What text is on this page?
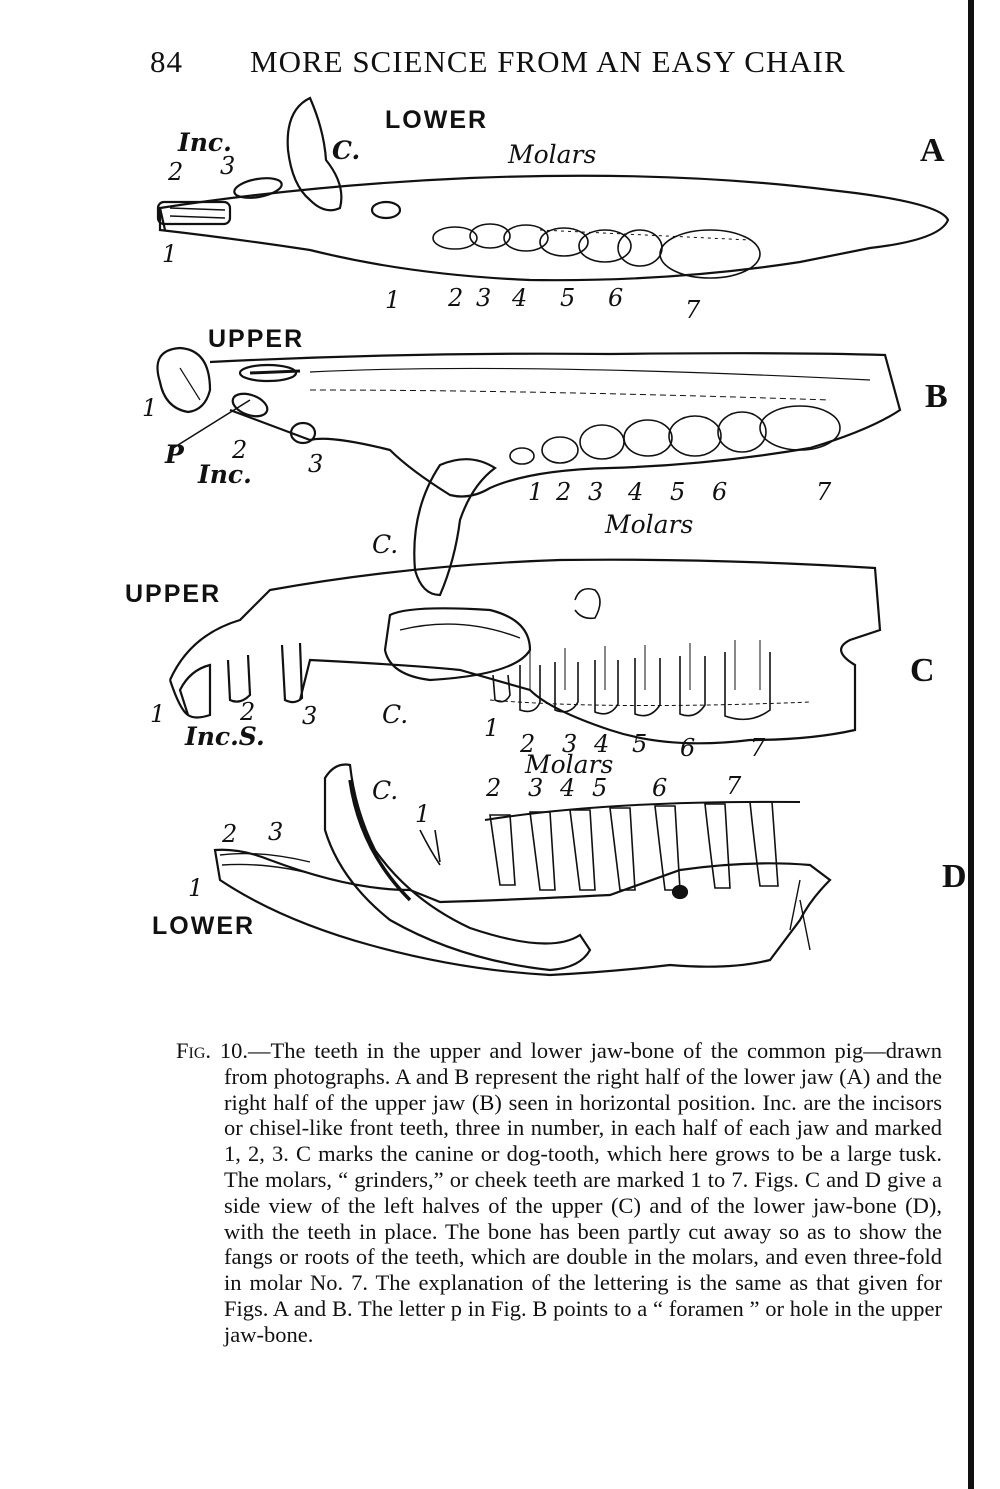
84 MORE SCIENCE FROM AN EASY CHAIR
A
B
C
D
LOWER
UPPER
UPPER
LOWER
Molars
Molars
Molars
Inc.
Inc.
Inc.S.
C.
C.
C.
C.
P
1
2 3
1 2 3 4 5 6	7
1
2	3
1 2 3 4 5 6	7
1	2 3	1
2 3 4 5 6 7
1
2 3
1
2 3 4 5 6 7

Fig. 10.—The teeth in the upper and lower jaw-bone of the common pig—drawn from photographs. A and B represent the right half of the lower jaw (A) and the right half of the upper jaw (B) seen in horizontal position. Inc. are the incisors or chisel-like front teeth, three in number, in each half of each jaw and marked 1, 2, 3. C marks the canine or dog-tooth, which here grows to be a large tusk. The molars, “ grinders,” or cheek teeth are marked 1 to 7. Figs. C and D give a side view of the left halves of the upper (C) and of the lower jaw-bone (D), with the teeth in place. The bone has been partly cut away so as to show the fangs or roots of the teeth, which are double in the molars, and even three-fold in molar No. 7. The explanation of the lettering is the same as that given for Figs. A and B. The letter p in Fig. B points to a “ foramen ” or hole in the upper jaw-bone.
